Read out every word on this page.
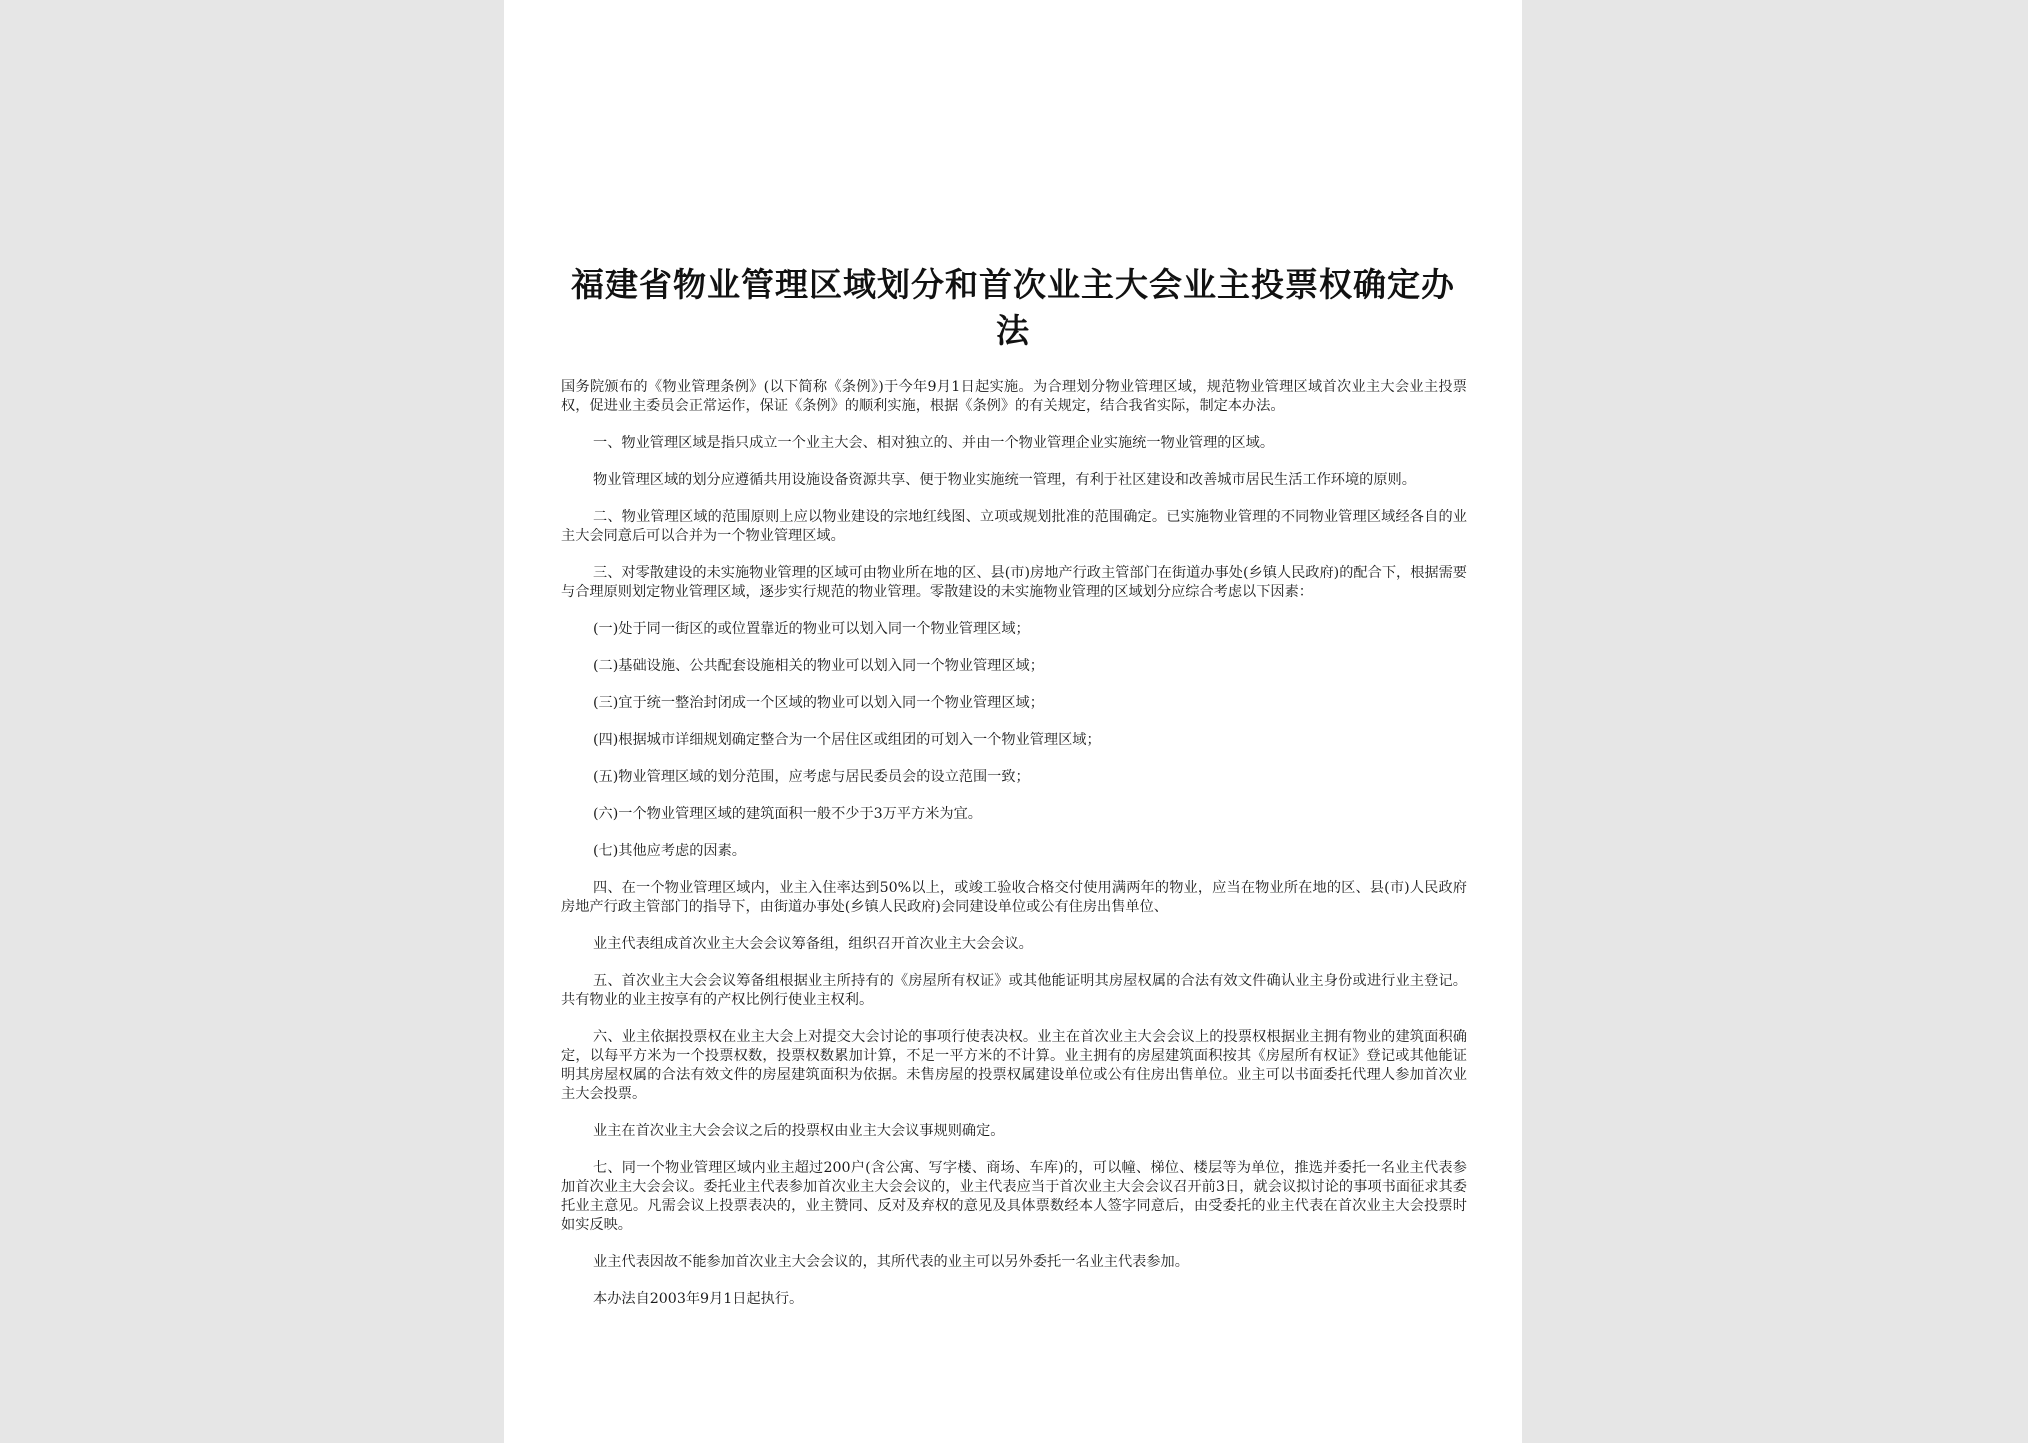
福建省物业管理区域划分和首次业主大会业主投票权确定办法

国务院颁布的《物业管理条例》(以下简称《条例》)于今年9月1日起实施。为合理划分物业管理区域，规范物业管理区域首次业主大会业主投票权，促进业主委员会正常运作，保证《条例》的顺利实施，根据《条例》的有关规定，结合我省实际，制定本办法。

一、物业管理区域是指只成立一个业主大会、相对独立的、并由一个物业管理企业实施统一物业管理的区域。

物业管理区域的划分应遵循共用设施设备资源共享、便于物业实施统一管理，有利于社区建设和改善城市居民生活工作环境的原则。

二、物业管理区域的范围原则上应以物业建设的宗地红线图、立项或规划批准的范围确定。已实施物业管理的不同物业管理区域经各自的业主大会同意后可以合并为一个物业管理区域。

三、对零散建设的未实施物业管理的区域可由物业所在地的区、县(市)房地产行政主管部门在街道办事处(乡镇人民政府)的配合下，根据需要与合理原则划定物业管理区域，逐步实行规范的物业管理。零散建设的未实施物业管理的区域划分应综合考虑以下因素：

(一)处于同一街区的或位置靠近的物业可以划入同一个物业管理区域；

(二)基础设施、公共配套设施相关的物业可以划入同一个物业管理区域；

(三)宜于统一整治封闭成一个区域的物业可以划入同一个物业管理区域；

(四)根据城市详细规划确定整合为一个居住区或组团的可划入一个物业管理区域；

(五)物业管理区域的划分范围，应考虑与居民委员会的设立范围一致；

(六)一个物业管理区域的建筑面积一般不少于3万平方米为宜。

(七)其他应考虑的因素。

四、在一个物业管理区域内，业主入住率达到50%以上，或竣工验收合格交付使用满两年的物业，应当在物业所在地的区、县(市)人民政府房地产行政主管部门的指导下，由街道办事处(乡镇人民政府)会同建设单位或公有住房出售单位、

业主代表组成首次业主大会会议筹备组，组织召开首次业主大会会议。

五、首次业主大会会议筹备组根据业主所持有的《房屋所有权证》或其他能证明其房屋权属的合法有效文件确认业主身份或进行业主登记。共有物业的业主按享有的产权比例行使业主权利。

六、业主依据投票权在业主大会上对提交大会讨论的事项行使表决权。业主在首次业主大会会议上的投票权根据业主拥有物业的建筑面积确定，以每平方米为一个投票权数，投票权数累加计算，不足一平方米的不计算。业主拥有的房屋建筑面积按其《房屋所有权证》登记或其他能证明其房屋权属的合法有效文件的房屋建筑面积为依据。未售房屋的投票权属建设单位或公有住房出售单位。业主可以书面委托代理人参加首次业主大会投票。

业主在首次业主大会会议之后的投票权由业主大会议事规则确定。

七、同一个物业管理区域内业主超过200户(含公寓、写字楼、商场、车库)的，可以幢、梯位、楼层等为单位，推选并委托一名业主代表参加首次业主大会会议。委托业主代表参加首次业主大会会议的，业主代表应当于首次业主大会会议召开前3日，就会议拟讨论的事项书面征求其委托业主意见。凡需会议上投票表决的，业主赞同、反对及弃权的意见及具体票数经本人签字同意后，由受委托的业主代表在首次业主大会投票时如实反映。

业主代表因故不能参加首次业主大会会议的，其所代表的业主可以另外委托一名业主代表参加。

本办法自2003年9月1日起执行。
